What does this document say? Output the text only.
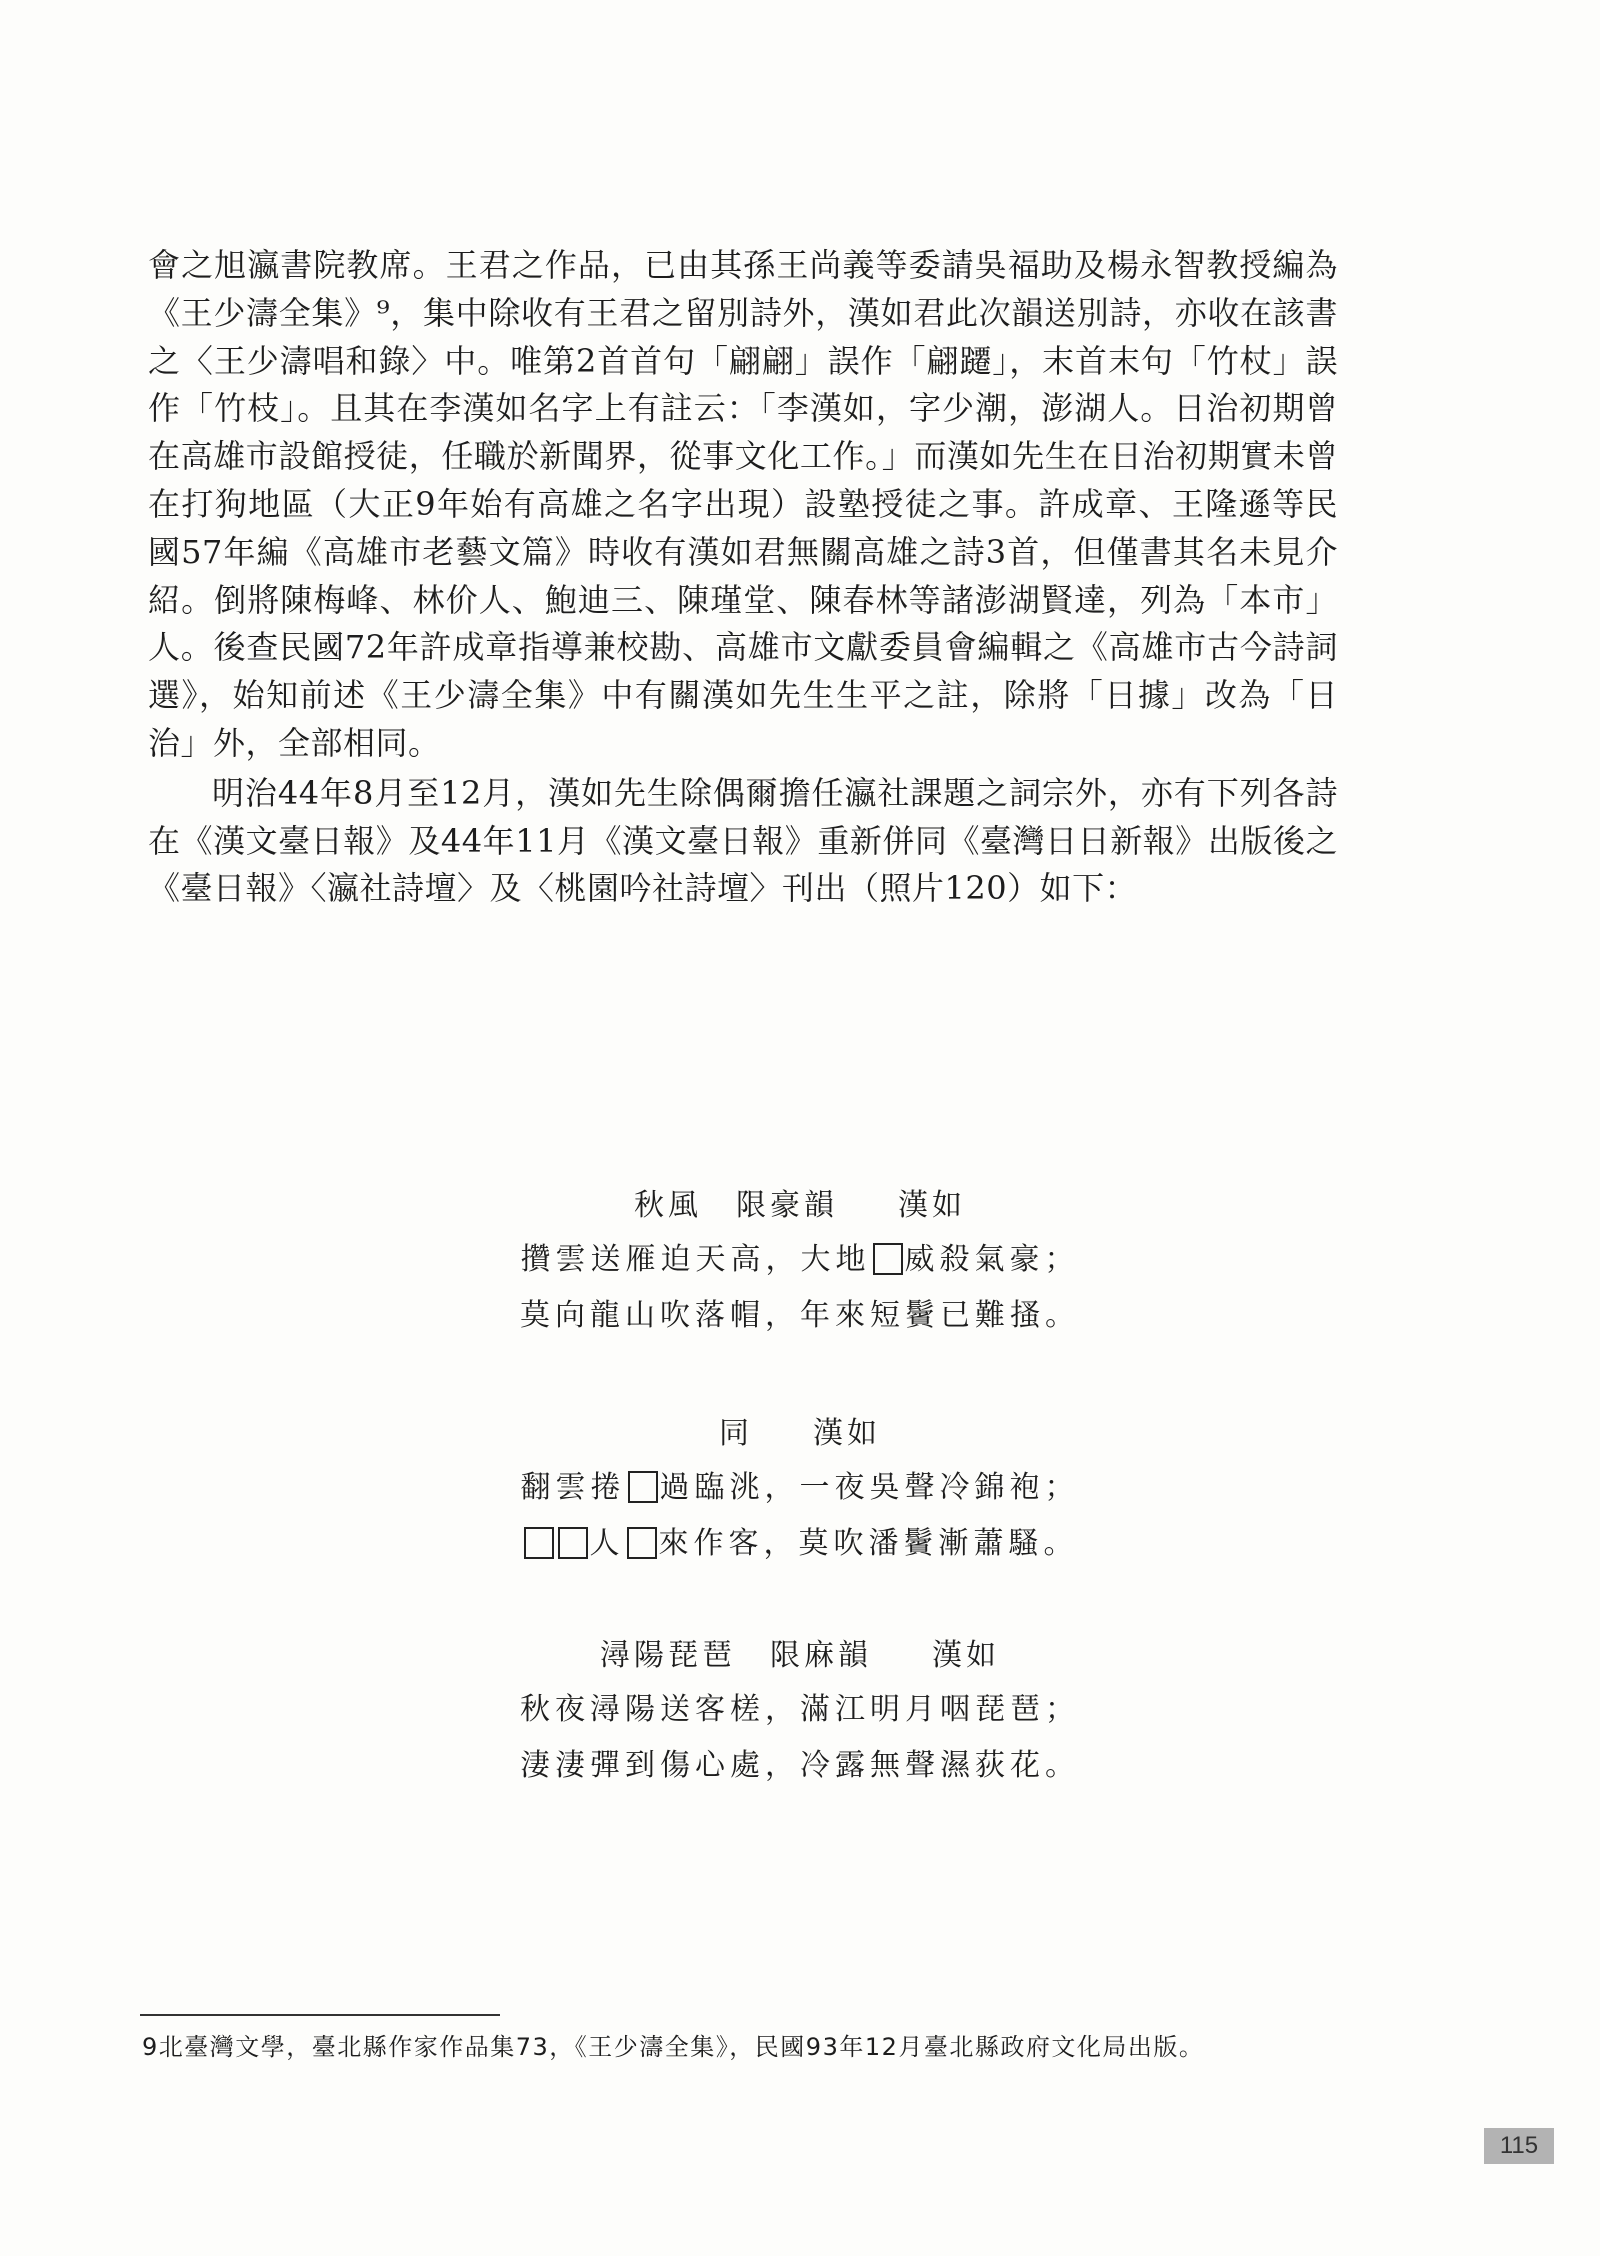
會之旭瀛書院教席。王君之作品，已由其孫王尚義等委請吳福助及楊永智教授編為《王少濤全集》⁹，集中除收有王君之留別詩外，漢如君此次韻送別詩，亦收在該書之〈王少濤唱和錄〉中。唯第2首首句「翩翩」誤作「翩躚」，末首末句「竹杖」誤作「竹枝」。且其在李漢如名字上有註云：「李漢如，字少潮，澎湖人。日治初期曾在高雄市設館授徒，任職於新聞界，從事文化工作。」而漢如先生在日治初期實未曾在打狗地區（大正9年始有高雄之名字出現）設塾授徒之事。許成章、王隆遜等民國57年編《高雄市老藝文篇》時收有漢如君無關高雄之詩3首，但僅書其名未見介紹。倒將陳梅峰、林价人、鮑迪三、陳瑾堂、陳春林等諸澎湖賢達，列為「本市」人。後查民國72年許成章指導兼校勘、高雄市文獻委員會編輯之《高雄市古今詩詞選》，始知前述《王少濤全集》中有關漢如先生生平之註，除將「日據」改為「日治」外，全部相同。

明治44年8月至12月，漢如先生除偶爾擔任瀛社課題之詞宗外，亦有下列各詩在《漢文臺日報》及44年11月《漢文臺日報》重新併同《臺灣日日新報》出版後之《臺日報》〈瀛社詩壇〉及〈桃園吟社詩壇〉刊出（照片120）如下：

秋風 限豪韻 漢如
攢雲送雁迫天高，大地 威殺氣豪；
莫向龍山吹落帽，年來短鬢已難搔。
同 漢如
翻雲捲 過臨洮，一夜吳聲冷錦袍；
人 來作客，莫吹潘鬢漸蕭騷。
潯陽琵琶 限麻韻 漢如
秋夜潯陽送客槎，滿江明月咽琵琶；
淒淒彈到傷心處，冷露無聲濕荻花。
9北臺灣文學，臺北縣作家作品集73，《王少濤全集》，民國93年12月臺北縣政府文化局出版。
115
